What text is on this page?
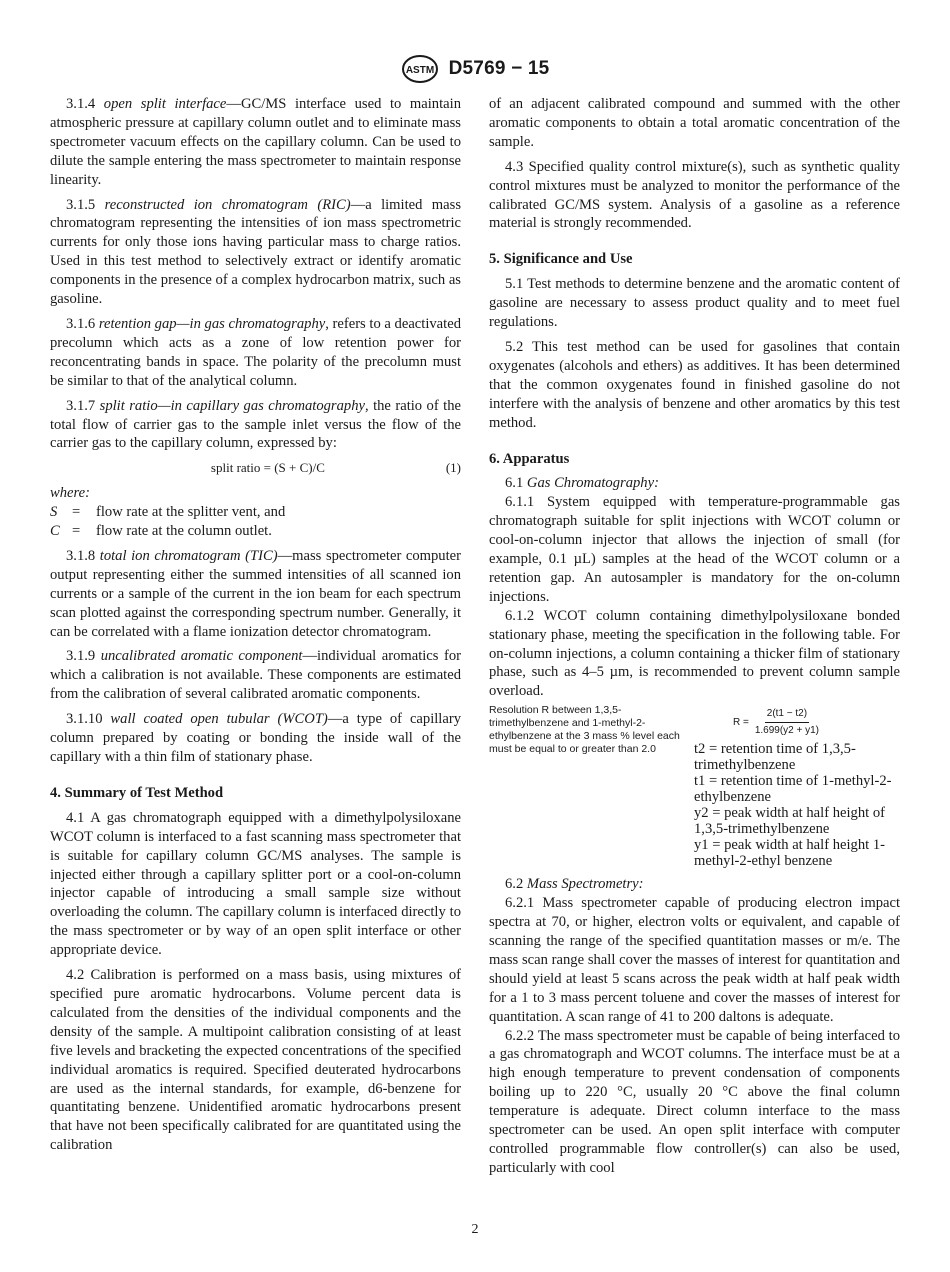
ASTM D5769 − 15

3.1.4 open split interface—GC/MS interface used to maintain atmospheric pressure at capillary column outlet and to eliminate mass spectrometer vacuum effects on the capillary column. Can be used to dilute the sample entering the mass spectrometer to maintain response linearity.

3.1.5 reconstructed ion chromatogram (RIC)—a limited mass chromatogram representing the intensities of ion mass spectrometric currents for only those ions having particular mass to charge ratios. Used in this test method to selectively extract or identify aromatic components in the presence of a complex hydrocarbon matrix, such as gasoline.

3.1.6 retention gap—in gas chromatography, refers to a deactivated precolumn which acts as a zone of low retention power for reconcentrating bands in space. The polarity of the precolumn must be similar to that of the analytical column.

3.1.7 split ratio—in capillary gas chromatography, the ratio of the total flow of carrier gas to the sample inlet versus the flow of the carrier gas to the capillary column, expressed by:

split ratio = (S + C)/C	(1)

where:

S	=	flow rate at the splitter vent, and
C =	flow rate at the column outlet.

3.1.8 total ion chromatogram (TIC)—mass spectrometer computer output representing either the summed intensities of all scanned ion currents or a sample of the current in the ion beam for each spectrum scan plotted against the corresponding spectrum number. Generally, it can be correlated with a flame ionization detector chromatogram.

3.1.9 uncalibrated aromatic component—individual aromatics for which a calibration is not available. These components are estimated from the calibration of several calibrated aromatic components.

3.1.10 wall coated open tubular (WCOT)—a type of capillary column prepared by coating or bonding the inside wall of the capillary with a thin film of stationary phase.

4. Summary of Test Method

4.1 A gas chromatograph equipped with a dimethylpolysiloxane WCOT column is interfaced to a fast scanning mass spectrometer that is suitable for capillary column GC/MS analyses. The sample is injected either through a capillary splitter port or a cool-on-column injector capable of introducing a small sample size without overloading the column. The capillary column is interfaced directly to the mass spectrometer or by way of an open split interface or other appropriate device.

4.2 Calibration is performed on a mass basis, using mixtures of specified pure aromatic hydrocarbons. Volume percent data is calculated from the densities of the individual components and the density of the sample. A multipoint calibration consisting of at least five levels and bracketing the expected concentrations of the specified individual aromatics is required. Specified deuterated hydrocarbons are used as the internal standards, for example, d6-benzene for quantitating benzene. Unidentified aromatic hydrocarbons present that have not been specifically calibrated for are quantitated using the calibration

of an adjacent calibrated compound and summed with the other aromatic components to obtain a total aromatic concentration of the sample.

4.3 Specified quality control mixture(s), such as synthetic quality control mixtures must be analyzed to monitor the performance of the calibrated GC/MS system. Analysis of a gasoline as a reference material is strongly recommended.

5. Significance and Use

5.1 Test methods to determine benzene and the aromatic content of gasoline are necessary to assess product quality and to meet fuel regulations.

5.2 This test method can be used for gasolines that contain oxygenates (alcohols and ethers) as additives. It has been determined that the common oxygenates found in finished gasoline do not interfere with the analysis of benzene and other aromatics by this test method.

6. Apparatus

6.1 Gas Chromatography:

6.1.1 System equipped with temperature-programmable gas chromatograph suitable for split injections with WCOT column or cool-on-column injector that allows the injection of small (for example, 0.1 µL) samples at the head of the WCOT column or a retention gap. An autosampler is mandatory for the on-column injections.

6.1.2 WCOT column containing dimethylpolysiloxane bonded stationary phase, meeting the specification in the following table. For on-column injections, a column containing a thicker film of stationary phase, such as 4–5 µm, is recommended to prevent column sample overload.

Resolution R between 1,3,5-trimethylbenzene and 1-methyl-2-ethylbenzene at the 3 mass % level each must be equal to or greater than 2.0
$R = \frac{2(t1 - t2)}{1.699(y2 + y1)}$
t2 = retention time of 1,3,5-trimethylbenzene
t1 = retention time of 1-methyl-2-ethylbenzene
y2 = peak width at half height of 1,3,5-trimethylbenzene
y1 = peak width at half height 1-methyl-2-ethyl benzene

6.2 Mass Spectrometry:

6.2.1 Mass spectrometer capable of producing electron impact spectra at 70, or higher, electron volts or equivalent, and capable of scanning the range of the specified quantitation masses or m/e. The mass scan range shall cover the masses of interest for quantitation and should yield at least 5 scans across the peak width at half peak width for a 1 to 3 mass percent toluene and cover the masses of interest for quantitation. A scan range of 41 to 200 daltons is adequate.

6.2.2 The mass spectrometer must be capable of being interfaced to a gas chromatograph and WCOT columns. The interface must be at a high enough temperature to prevent condensation of components boiling up to 220 °C, usually 20 °C above the final column temperature is adequate. Direct column interface to the mass spectrometer can be used. An open split interface with computer controlled programmable flow controller(s) can also be used, particularly with cool

2
